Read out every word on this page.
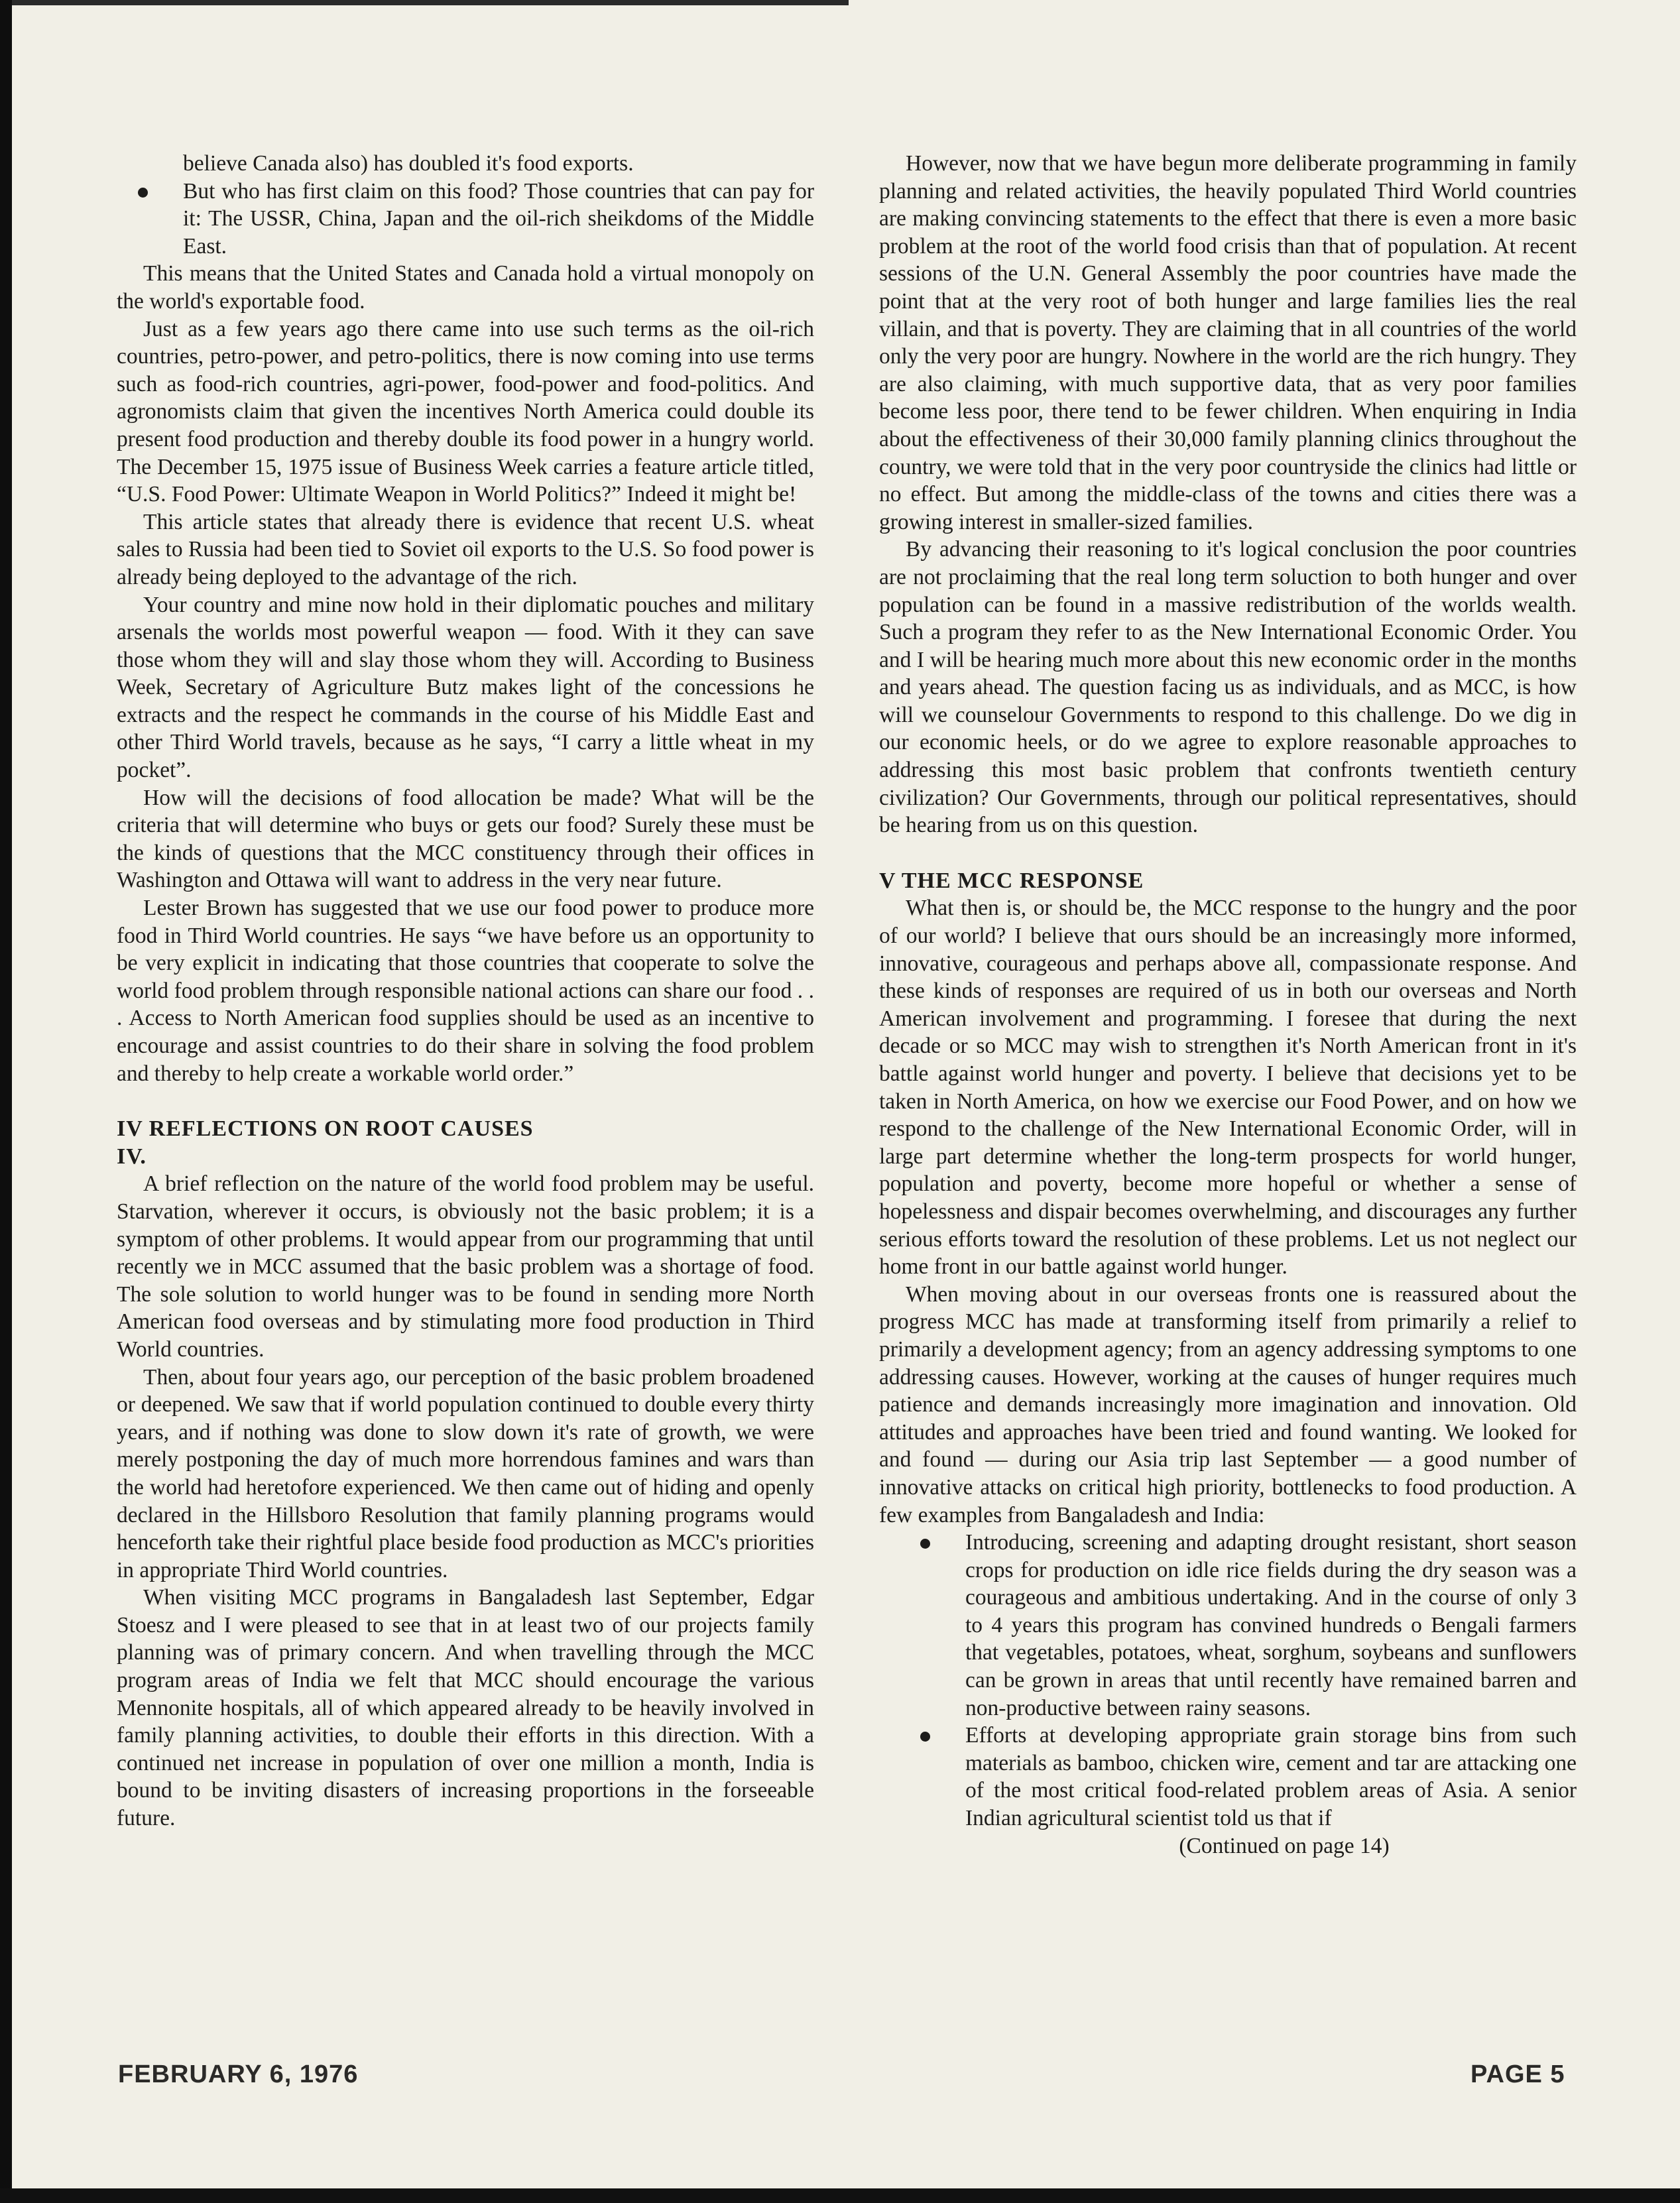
believe Canada also) has doubled it's food exports.

But who has first claim on this food? Those countries that can pay for it: The USSR, China, Japan and the oil-rich sheikdoms of the Middle East.

This means that the United States and Canada hold a virtual monopoly on the world's exportable food.

Just as a few years ago there came into use such terms as the oil-rich countries, petro-power, and petro-politics, there is now coming into use terms such as food-rich countries, agri-power, food-power and food-politics. And agronomists claim that given the incentives North America could double its present food production and thereby double its food power in a hungry world. The December 15, 1975 issue of Business Week carries a feature article titled, “U.S. Food Power: Ultimate Weapon in World Politics?” Indeed it might be!

This article states that already there is evidence that recent U.S. wheat sales to Russia had been tied to Soviet oil exports to the U.S. So food power is already being deployed to the advantage of the rich.

Your country and mine now hold in their diplomatic pouches and military arsenals the worlds most powerful weapon — food. With it they can save those whom they will and slay those whom they will. According to Business Week, Secretary of Agriculture Butz makes light of the concessions he extracts and the respect he commands in the course of his Middle East and other Third World travels, because as he says, “I carry a little wheat in my pocket”.

How will the decisions of food allocation be made? What will be the criteria that will determine who buys or gets our food? Surely these must be the kinds of questions that the MCC constituency through their offices in Washington and Ottawa will want to address in the very near future.

Lester Brown has suggested that we use our food power to produce more food in Third World countries. He says “we have before us an opportunity to be very explicit in indicating that those countries that cooperate to solve the world food problem through responsible national actions can share our food . . . Access to North American food supplies should be used as an incentive to encourage and assist countries to do their share in solving the food problem and thereby to help create a workable world order.”

IV REFLECTIONS ON ROOT CAUSES
IV.

A brief reflection on the nature of the world food problem may be useful. Starvation, wherever it occurs, is obviously not the basic problem; it is a symptom of other problems. It would appear from our programming that until recently we in MCC assumed that the basic problem was a shortage of food. The sole solution to world hunger was to be found in sending more North American food overseas and by stimulating more food production in Third World countries.

Then, about four years ago, our perception of the basic problem broadened or deepened. We saw that if world population continued to double every thirty years, and if nothing was done to slow down it's rate of growth, we were merely postponing the day of much more horrendous famines and wars than the world had heretofore experienced. We then came out of hiding and openly declared in the Hillsboro Resolution that family planning programs would henceforth take their rightful place beside food production as MCC's priorities in appropriate Third World countries.

When visiting MCC programs in Bangaladesh last September, Edgar Stoesz and I were pleased to see that in at least two of our projects family planning was of primary concern. And when travelling through the MCC program areas of India we felt that MCC should encourage the various Mennonite hospitals, all of which appeared already to be heavily involved in family planning activities, to double their efforts in this direction. With a continued net increase in population of over one million a month, India is bound to be inviting disasters of increasing proportions in the forseeable future.

However, now that we have begun more deliberate programming in family planning and related activities, the heavily populated Third World countries are making convincing statements to the effect that there is even a more basic problem at the root of the world food crisis than that of population. At recent sessions of the U.N. General Assembly the poor countries have made the point that at the very root of both hunger and large families lies the real villain, and that is poverty. They are claiming that in all countries of the world only the very poor are hungry. Nowhere in the world are the rich hungry. They are also claiming, with much supportive data, that as very poor families become less poor, there tend to be fewer children. When enquiring in India about the effectiveness of their 30,000 family planning clinics throughout the country, we were told that in the very poor countryside the clinics had little or no effect. But among the middle-class of the towns and cities there was a growing interest in smaller-sized families.

By advancing their reasoning to it's logical conclusion the poor countries are not proclaiming that the real long term soluction to both hunger and over population can be found in a massive redistribution of the worlds wealth. Such a program they refer to as the New International Economic Order. You and I will be hearing much more about this new economic order in the months and years ahead. The question facing us as individuals, and as MCC, is how will we counselour Governments to respond to this challenge. Do we dig in our economic heels, or do we agree to explore reasonable approaches to addressing this most basic problem that confronts twentieth century civilization? Our Governments, through our political representatives, should be hearing from us on this question.

V THE MCC RESPONSE

What then is, or should be, the MCC response to the hungry and the poor of our world? I believe that ours should be an increasingly more informed, innovative, courageous and perhaps above all, compassionate response. And these kinds of responses are required of us in both our overseas and North American involvement and programming. I foresee that during the next decade or so MCC may wish to strengthen it's North American front in it's battle against world hunger and poverty. I believe that decisions yet to be taken in North America, on how we exercise our Food Power, and on how we respond to the challenge of the New International Economic Order, will in large part determine whether the long-term prospects for world hunger, population and poverty, become more hopeful or whether a sense of hopelessness and dispair becomes overwhelming, and discourages any further serious efforts toward the resolution of these problems. Let us not neglect our home front in our battle against world hunger.

When moving about in our overseas fronts one is reassured about the progress MCC has made at transforming itself from primarily a relief to primarily a development agency; from an agency addressing symptoms to one addressing causes. However, working at the causes of hunger requires much patience and demands increasingly more imagination and innovation. Old attitudes and approaches have been tried and found wanting. We looked for and found — during our Asia trip last September — a good number of innovative attacks on critical high priority, bottlenecks to food production. A few examples from Bangaladesh and India:

Introducing, screening and adapting drought resistant, short season crops for production on idle rice fields during the dry season was a courageous and ambitious undertaking. And in the course of only 3 to 4 years this program has convined hundreds o Bengali farmers that vegetables, potatoes, wheat, sorghum, soybeans and sunflowers can be grown in areas that until recently have remained barren and non-productive between rainy seasons.
Efforts at developing appropriate grain storage bins from such materials as bamboo, chicken wire, cement and tar are attacking one of the most critical food-related problem areas of Asia. A senior Indian agricultural scientist told us that if

(Continued on page 14)

FEBRUARY 6, 1976	PAGE 5
